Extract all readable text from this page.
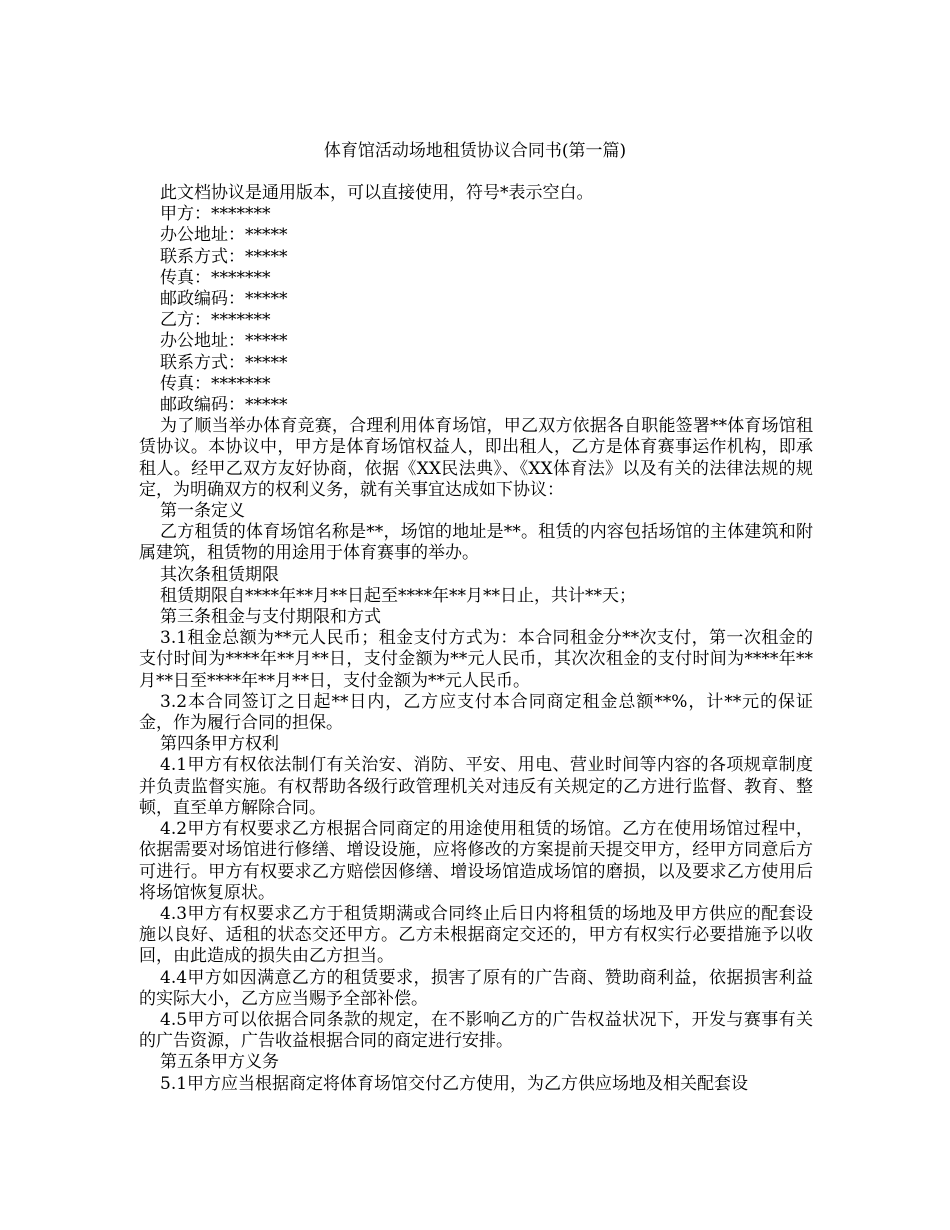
体育馆活动场地租赁协议合同书(第一篇)

此文档协议是通用版本，可以直接使用，符号*表示空白。

甲方：*******

办公地址：*****

联系方式：*****

传真：*******

邮政编码：*****

乙方：*******

办公地址：*****

联系方式：*****

传真：*******

邮政编码：*****

为了顺当举办体育竞赛，合理利用体育场馆，甲乙双方依据各自职能签署**体育场馆租赁协议。本协议中，甲方是体育场馆权益人，即出租人，乙方是体育赛事运作机构，即承租人。经甲乙双方友好协商，依据《XX民法典》、《XX体育法》以及有关的法律法规的规定，为明确双方的权利义务，就有关事宜达成如下协议：

第一条定义

乙方租赁的体育场馆名称是**，场馆的地址是**。租赁的内容包括场馆的主体建筑和附属建筑，租赁物的用途用于体育赛事的举办。

其次条租赁期限

租赁期限自****年**月**日起至****年**月**日止，共计**天；

第三条租金与支付期限和方式

3.1租金总额为**元人民币；租金支付方式为：本合同租金分**次支付，第一次租金的支付时间为****年**月**日，支付金额为**元人民币，其次次租金的支付时间为****年**月**日至****年**月**日，支付金额为**元人民币。

3.2本合同签订之日起**日内，乙方应支付本合同商定租金总额**%，计**元的保证金，作为履行合同的担保。

第四条甲方权利

4.1甲方有权依法制仃有关治安、消防、平安、用电、营业时间等内容的各项规章制度并负责监督实施。有权帮助各级行政管理机关对违反有关规定的乙方进行监督、教育、整顿，直至单方解除合同。

4.2甲方有权要求乙方根据合同商定的用途使用租赁的场馆。乙方在使用场馆过程中，依据需要对场馆进行修缮、增设设施，应将修改的方案提前天提交甲方，经甲方同意后方可进行。甲方有权要求乙方赔偿因修缮、增设场馆造成场馆的磨损，以及要求乙方使用后将场馆恢复原状。

4.3甲方有权要求乙方于租赁期满或合同终止后日内将租赁的场地及甲方供应的配套设施以良好、适租的状态交还甲方。乙方未根据商定交还的，甲方有权实行必要措施予以收回，由此造成的损失由乙方担当。

4.4甲方如因满意乙方的租赁要求，损害了原有的广告商、赞助商利益，依据损害利益的实际大小，乙方应当赐予全部补偿。

4.5甲方可以依据合同条款的规定，在不影响乙方的广告权益状况下，开发与赛事有关的广告资源，广告收益根据合同的商定进行安排。

第五条甲方义务

5.1甲方应当根据商定将体育场馆交付乙方使用，为乙方供应场地及相关配套设
